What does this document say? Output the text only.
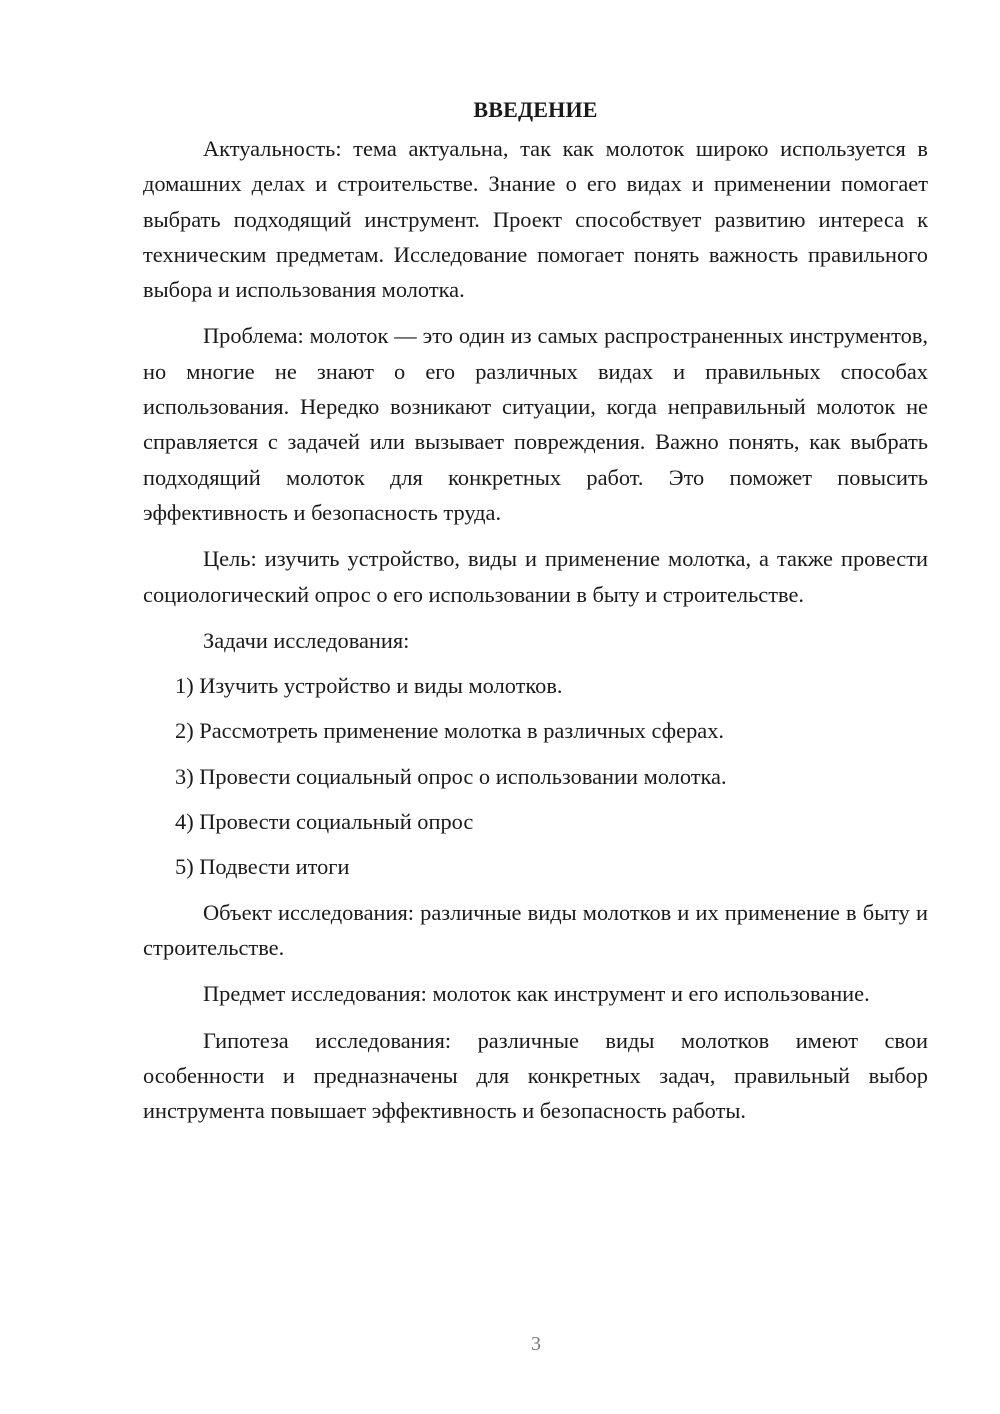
ВВЕДЕНИЕ

Актуальность: тема актуальна, так как молоток широко используется в домашних делах и строительстве. Знание о его видах и применении помогает выбрать подходящий инструмент. Проект способствует развитию интереса к техническим предметам. Исследование помогает понять важность правильного выбора и использования молотка.

Проблема: молоток — это один из самых распространенных инструментов, но многие не знают о его различных видах и правильных способах использования. Нередко возникают ситуации, когда неправильный молоток не справляется с задачей или вызывает повреждения. Важно понять, как выбрать подходящий молоток для конкретных работ. Это поможет повысить эффективность и безопасность труда.

Цель: изучить устройство, виды и применение молотка, а также провести социологический опрос о его использовании в быту и строительстве.

Задачи исследования:

1) Изучить устройство и виды молотков.
2) Рассмотреть применение молотка в различных сферах.
3) Провести социальный опрос о использовании молотка.
4) Провести социальный опрос
5) Подвести итоги

Объект исследования: различные виды молотков и их применение в быту и строительстве.

Предмет исследования: молоток как инструмент и его использование.

Гипотеза исследования: различные виды молотков имеют свои особенности и предназначены для конкретных задач, правильный выбор инструмента повышает эффективность и безопасность работы.

3
